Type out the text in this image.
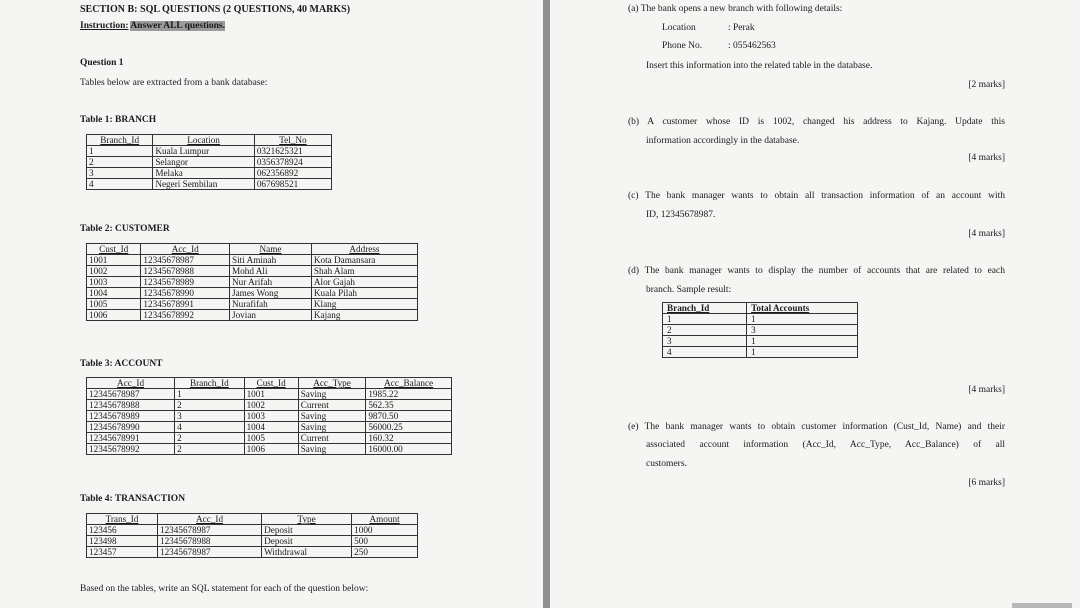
SECTION B: SQL QUESTIONS (2 QUESTIONS, 40 MARKS)
Instruction: Answer ALL questions.
Question 1
Tables below are extracted from a bank database:
Table 1: BRANCH
Branch_Id	Location	Tel_No
1	Kuala Lumpur	0321625321
2	Selangor	0356378924
3	Melaka	062356892
4	Negeri Sembilan	067698521
Table 2: CUSTOMER
Cust_Id	Acc_Id	Name	Address
1001	12345678987	Siti Aminah	Kota Damansara
1002	12345678988	Mohd Ali	Shah Alam
1003	12345678989	Nur Arifah	Alor Gajah
1004	12345678990	James Wong	Kuala Pilah
1005	12345678991	Nurafifah	Klang
1006	12345678992	Jovian	Kajang
Table 3: ACCOUNT
Acc_Id	Branch_Id	Cust_Id	Acc_Type	Acc_Balance
12345678987	1	1001	Saving	1985.22
12345678988	2	1002	Current	562.35
12345678989	3	1003	Saving	9870.50
12345678990	4	1004	Saving	56000.25
12345678991	2	1005	Current	160.32
12345678992	2	1006	Saving	16000.00
Table 4: TRANSACTION
Trans_Id	Acc_Id	Type	Amount
123456	12345678987	Deposit	1000
123498	12345678988	Deposit	500
123457	12345678987	Withdrawal	250
Based on the tables, write an SQL statement for each of the question below:
(a) The bank opens a new branch with following details:
Location	: Perak
Phone No.	: 055462563
Insert this information into the related table in the database.
[2 marks]
(b) A customer whose ID is 1002, changed his address to Kajang. Update this
information accordingly in the database.
[4 marks]
(c) The bank manager wants to obtain all transaction information of an account with
ID, 12345678987.
[4 marks]
(d) The bank manager wants to display the number of accounts that are related to each
branch. Sample result:
Branch_Id	Total Accounts
1	1
2	3
3	1
4	1
[4 marks]
(e) The bank manager wants to obtain customer information (Cust_Id, Name) and their
associated account information (Acc_Id, Acc_Type, Acc_Balance) of all
customers.
[6 marks]
